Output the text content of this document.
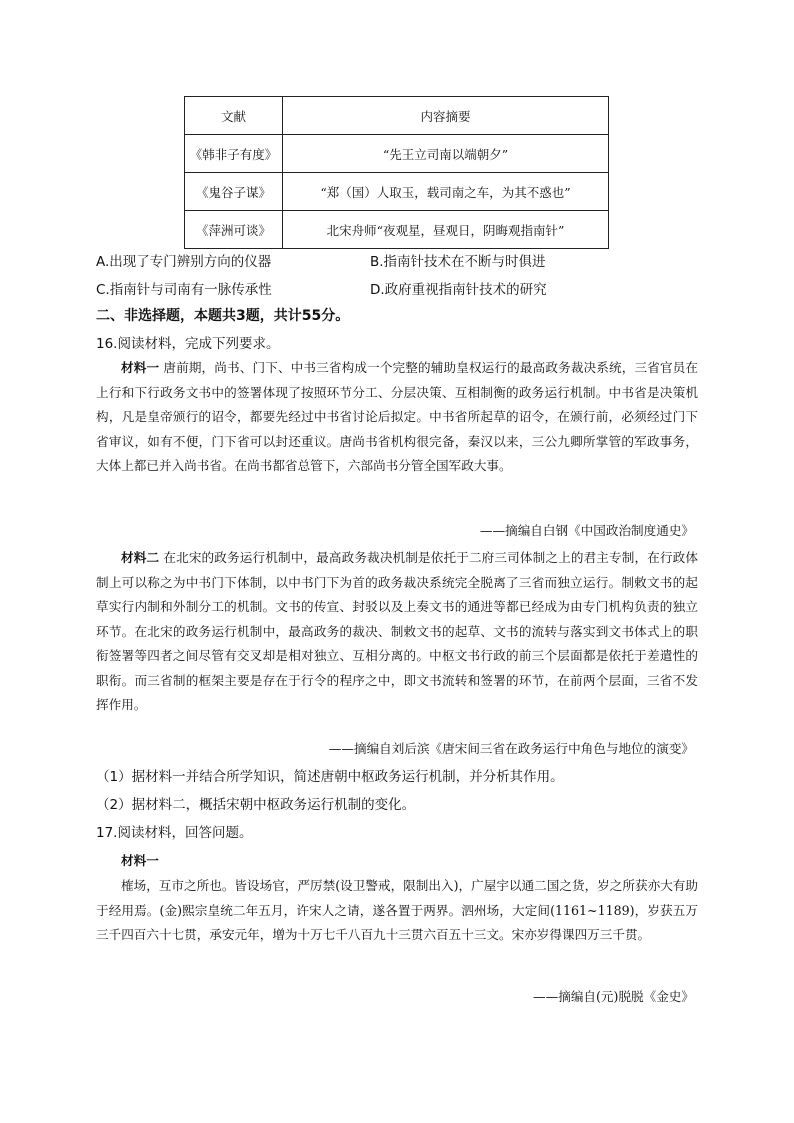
文献	内容摘要
《韩非子有度》	“先王立司南以端朝夕”
《鬼谷子谋》	“郑（国）人取玉，载司南之车，为其不惑也”
《萍洲可谈》	北宋舟师“夜观星，昼观日，阴晦观指南针”
A.出现了专门辨别方向的仪器	B.指南针技术在不断与时俱进
C.指南针与司南有一脉传承性	D.政府重视指南针技术的研究
二、非选择题，本题共3题，共计55分。
16.阅读材料，完成下列要求。

材料一 唐前期，尚书、门下、中书三省构成一个完整的辅助皇权运行的最高政务裁决系统，三省官员在上行和下行政务文书中的签署体现了按照环节分工、分层决策、互相制衡的政务运行机制。中书省是决策机构，凡是皇帝颁行的诏令，都要先经过中书省讨论后拟定。中书省所起草的诏令，在颁行前，必须经过门下省审议，如有不便，门下省可以封还重议。唐尚书省机构很完备，秦汉以来，三公九卿所掌管的军政事务，大体上都已并入尚书省。在尚书都省总管下，六部尚书分管全国军政大事。

——摘编自白钢《中国政治制度通史》

材料二 在北宋的政务运行机制中，最高政务裁决机制是依托于二府三司体制之上的君主专制，在行政体制上可以称之为中书门下体制，以中书门下为首的政务裁决系统完全脱离了三省而独立运行。制敕文书的起草实行内制和外制分工的机制。文书的传宣、封驳以及上奏文书的通进等都已经成为由专门机构负责的独立环节。在北宋的政务运行机制中，最高政务的裁决、制敕文书的起草、文书的流转与落实到文书体式上的职衔签署等四者之间尽管有交叉却是相对独立、互相分离的。中枢文书行政的前三个层面都是依托于差遣性的职衔。而三省制的框架主要是存在于行令的程序之中，即文书流转和签署的环节，在前两个层面，三省不发挥作用。

——摘编自刘后滨《唐宋间三省在政务运行中角色与地位的演变》
（1）据材料一并结合所学知识，简述唐朝中枢政务运行机制，并分析其作用。
（2）据材料二，概括宋朝中枢政务运行机制的变化。
17.阅读材料，回答问题。
材料一

榷场，互市之所也。皆设场官，严厉禁(设卫警戒，限制出入)，广屋宇以通二国之货，岁之所获亦大有助于经用焉。(金)熙宗皇统二年五月，许宋人之请，遂各置于两界。泗州场，大定间(1161~1189)，岁获五万三千四百六十七贯，承安元年，增为十万七千八百九十三贯六百五十三文。宋亦岁得课四万三千贯。

——摘编自(元)脱脱《金史》
